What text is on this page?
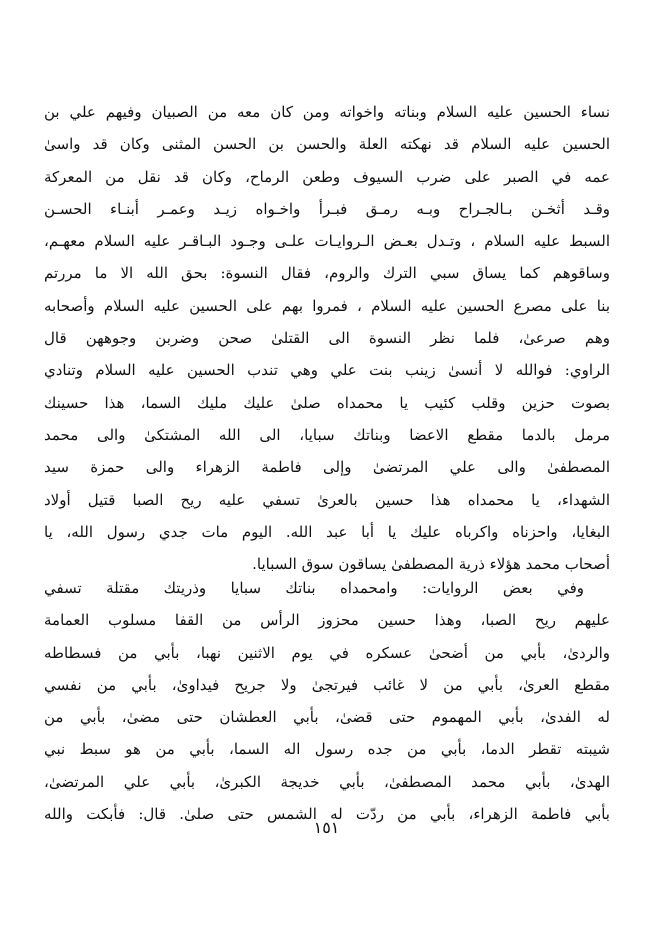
نساء الحسين عليه السلام وبناته واخواته ومن كان معه من الصبيان وفيهم علي بن
الحسين عليه السلام قد نهكته العلة والحسن بن الحسن المثنى وكان قد واسىٰ
عمه في الصبر على ضرب السيوف وطعن الرماح، وكان قد نقل من المعركة
وقـد أثخـن بـالجـراح وبـه رمـق فبـرأ واخـواه زيـد وعمـر أبنـاء الحسـن
السبط عليه السلام ، وتـدل بعـض الـروايـات علـى وجـود البـاقـر عليه السلام معهـم،
وساقوهم كما يساق سبي الترك والروم، فقال النسوة: بحق الله الا ما مررتم
بنا على مصرع الحسين عليه السلام ، فمروا بهم على الحسين عليه السلام وأصحابه
وهم صرعىٰ، فلما نظر النسوة الى القتلىٰ صحن وضربن وجوههن قال
الراوي: فوالله لا أنسىٰ زينب بنت علي وهي تندب الحسين عليه السلام وتنادي
بصوت حزين وقلب كئيب يا محمداه صلىٰ عليك مليك السما، هذا حسينك
مرمل بالدما مقطع الاعضا وبناتك سبايا، الى الله المشتكىٰ والى محمد
المصطفىٰ والى علي المرتضىٰ وإلى فاطمة الزهراء والى حمزة سيد
الشهداء، يا محمداه هذا حسين بالعرىٰ تسفي عليه ريح الصبا قتيل أولاد
البغايا، واحزناه واكرباه عليك يا أبا عبد الله. اليوم مات جدي رسول الله، يا
أصحاب محمد هؤلاء ذرية المصطفىٰ يساقون سوق السبايا.
وفي بعض الروايات: وامحمداه بناتك سبايا وذريتك مقتلة تسفي
عليهم ريح الصبا، وهذا حسين محزوز الرأس من القفا مسلوب العمامة
والردىٰ، بأبي من أضحىٰ عسكره في يوم الاثنين نهبا، بأبي من فسطاطه
مقطع العرىٰ، بأبي من لا غائب فيرتجىٰ ولا جريح فيداوىٰ، بأبي من نفسي
له الفدىٰ، بأبي المهموم حتى قضىٰ، بأبي العطشان حتى مضىٰ، بأبي من
شيبته تقطر الدما، بأبي من جده رسول اله السما، بأبي من هو سبط نبي
الهدىٰ، بأبي محمد المصطفىٰ، بأبي خديجة الكبرىٰ، بأبي علي المرتضىٰ،
بأبي فاطمة الزهراء، بأبي من ردّت له الشمس حتى صلىٰ. قال: فأبكت والله
١٥١
